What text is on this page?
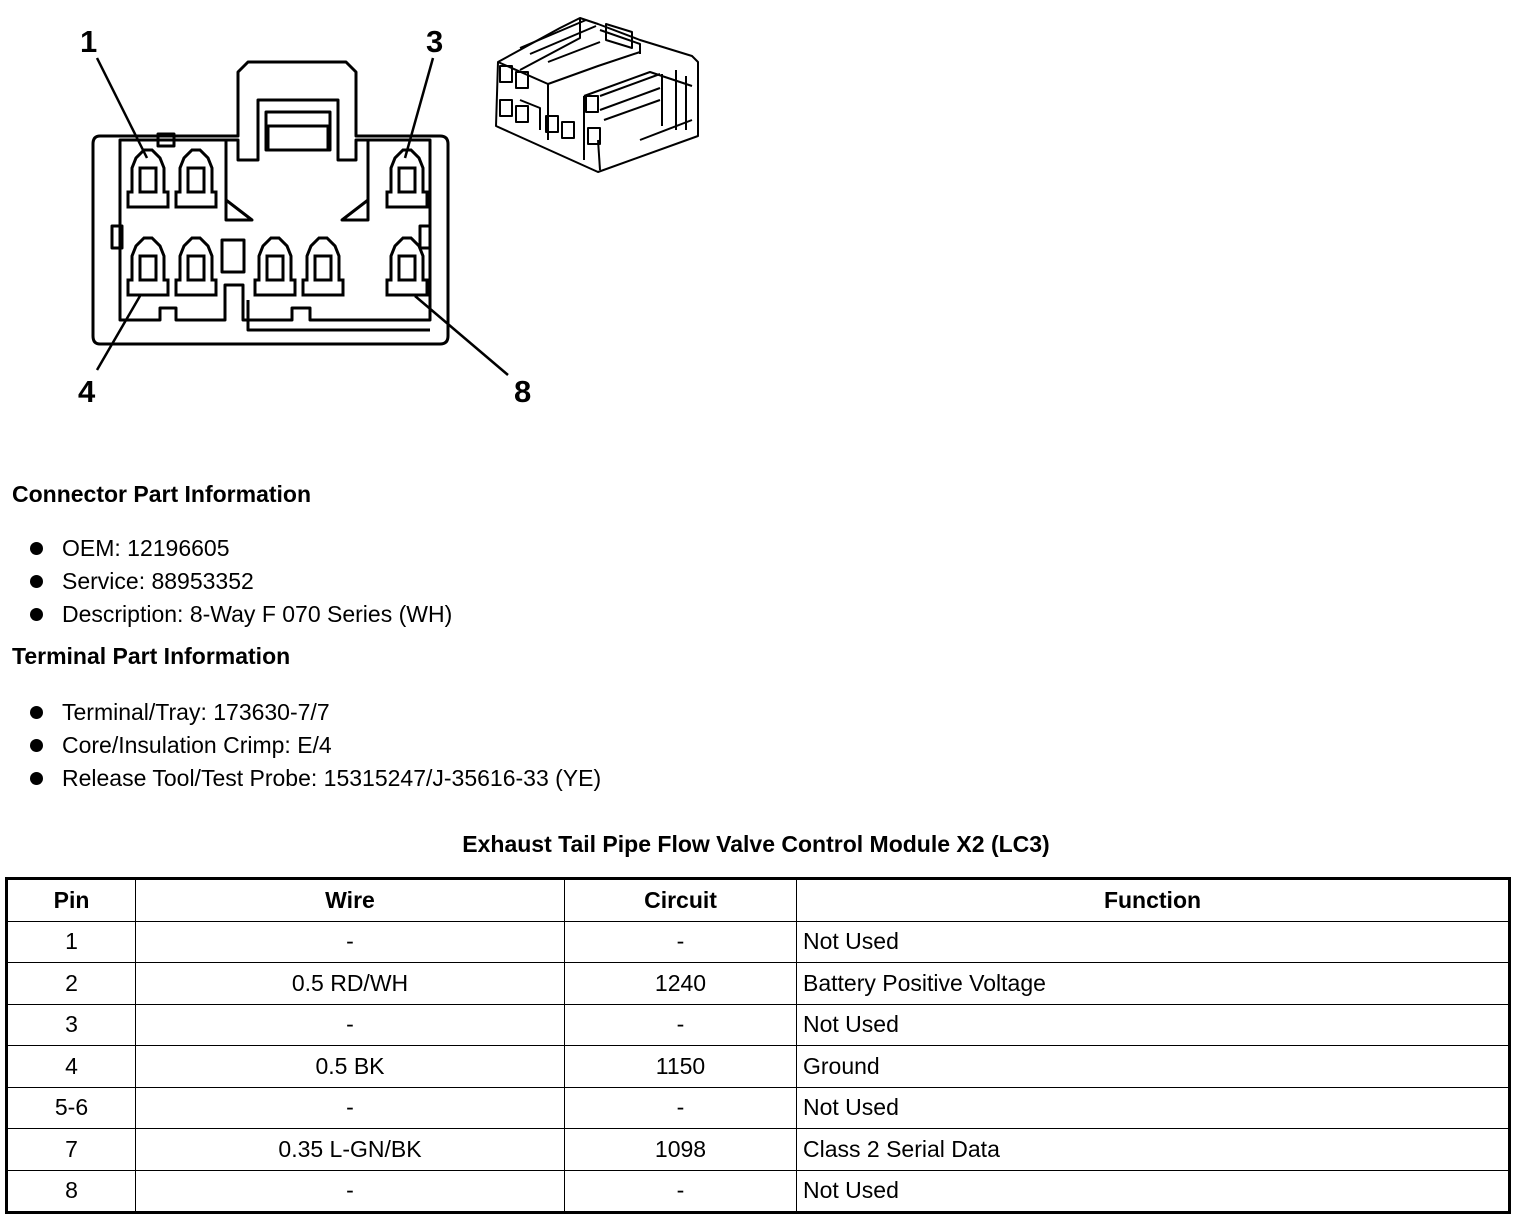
1	3
4	8
Connector Part Information
OEM: 12196605
Service: 88953352
Description: 8-Way F 070 Series (WH)
Terminal Part Information
Terminal/Tray: 173630-7/7
Core/Insulation Crimp: E/4
Release Tool/Test Probe: 15315247/J-35616-33 (YE)
Exhaust Tail Pipe Flow Valve Control Module X2 (LC3)
Pin	Wire	Circuit	Function
1	-	-	Not Used
2	0.5 RD/WH	1240	Battery Positive Voltage
3	-	-	Not Used
4	0.5 BK	1150	Ground
5-6	-	-	Not Used
7	0.35 L-GN/BK	1098	Class 2 Serial Data
8	-	-	Not Used
